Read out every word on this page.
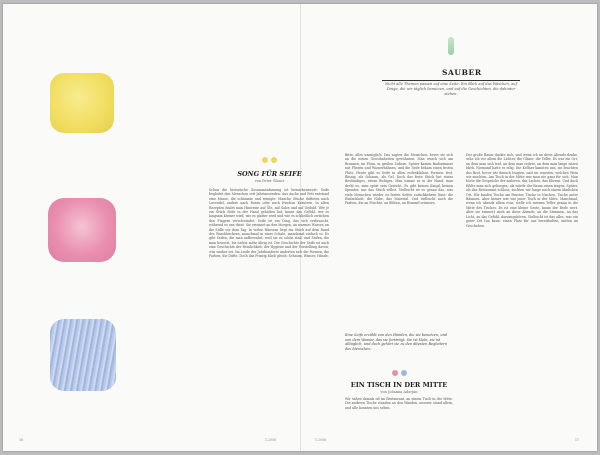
SAUBER
Nicht alle Themen passen auf eine Seite. Ein Blick auf das Waschen, auf Dinge, die wir täglich benutzen, und auf die Geschichten, die dahinter stehen.
SONG FÜR SEIFE
von Peter Glaser
Schon die historische Zusammenfassung ist bemerkenswert: Seife begleitet den Menschen seit Jahrtausenden. Aus Asche und Fett entstand eine Masse, die schäumte und reinigte. Manche Stücke dufteten nach Lavendel, andere nach Rosen oder nach frischen Kräutern. In alten Rezepten findet man Hinweise auf Öle, auf Salze und auf Geduld. Wer je ein Stück Seife in der Hand gehalten hat, kennt das Gefühl, wie es langsam kleiner wird, wie es glatter wird und wie es schließlich zwischen den Fingern verschwindet. Seife ist ein Ding, das sich verbraucht, während es uns dient. Sie erinnert an den Morgen, an warmes Wasser, an die Stille vor dem Tag. In vielen Häusern liegt ein Stück auf dem Rand des Waschbeckens, manchmal in einer Schale, manchmal einfach so. Es gibt Seifen, die man aufbewahrt, weil sie zu schön sind, und Seifen, die man benutzt, bis nichts mehr übrig ist. Die Geschichte der Seife ist auch eine Geschichte der Reinlichkeit, der Hygiene und der Vorstellung davon, was sauber sei. Im Laufe der Jahrhunderte änderten sich die Formen, die Farben, die Düfte. Doch das Prinzip blieb gleich: Schaum, Wasser, Hände.
Bitte, alles unmöglich. Das sagten die Menschen, bevor sie sich an die neuen Gewohnheiten gewöhnten. Man wusch sich am Brunnen, im Fluss, in großen Zubern. Später kamen Badezimmer mit Fliesen und Wasserhähnen, und die Seife bekam einen festen Platz. Heute gibt es Seife in allen erdenklichen Formen: fest, flüssig, als Schaum, als Gel. Doch das feste Stück hat etwas Beständiges, etwas Ruhiges. Man nimmt es in die Hand, man dreht es, man spürt sein Gewicht. Es gibt keinen Knopf, keinen Spender, nur das Stück selbst. Vielleicht ist es genau das, was viele Menschen wieder zu festen Seifen zurückkehren lässt: die Einfachheit, die Nähe, das Material. Und vielleicht auch die Farben, die an Früchte, an Blüten, an Himmel erinnern.
Eine Seife erzählt von den Händen, die sie benutzen, und von dem Wasser, das sie fortträgt. Sie ist klein, sie ist alltäglich, und doch gehört sie zu den ältesten Begleitern des Menschen.
EIN TISCH IN DER MITTE
von Johanna Adorján
Wir saßen damals oft im Restaurant, an einem Tisch in der Mitte. Die anderen Tische standen an den Wänden, unserer stand allein, und alle konnten uns sehen.
Der große Raum duckte sich, und wenn ich an diese Abende denke, sehe ich vor allem die Lichter, die Gläser, die Teller. Es war ein Ort, an dem man sich traf, an dem man redete, an dem man lange sitzen blieb. Niemand hatte es eilig. Die Kellner kannten uns, sie brachten das Brot, bevor wir danach fragten, und sie wussten, welchen Wein wir mochten. Am Tisch in der Mitte war man nie ganz für sich. Man hörte die Gespräche der anderen, das Lachen, das Klirren. Und doch fühlte man sich geborgen, als würde der Raum einen tragen. Später, als das Restaurant schloss, suchten wir lange nach einem ähnlichen Ort. Wir fanden Tische am Fenster, Tische in Nischen, Tische unter Bäumen. Aber keiner war wie jener Tisch in der Mitte. Manchmal, wenn ich abends allein esse, stelle ich meinen Teller genau in die Mitte des Tisches. Es ist eine kleine Geste, kaum der Rede wert. Aber sie erinnert mich an diese Abende, an die Stimmen, an das Licht, an das Gefühl, dazuzugehören. Vielleicht ist das alles, was ein guter Ort tun kann: einen Platz für uns bereithalten, mitten im Geschehen.
16	1.2008	1.2008	17
